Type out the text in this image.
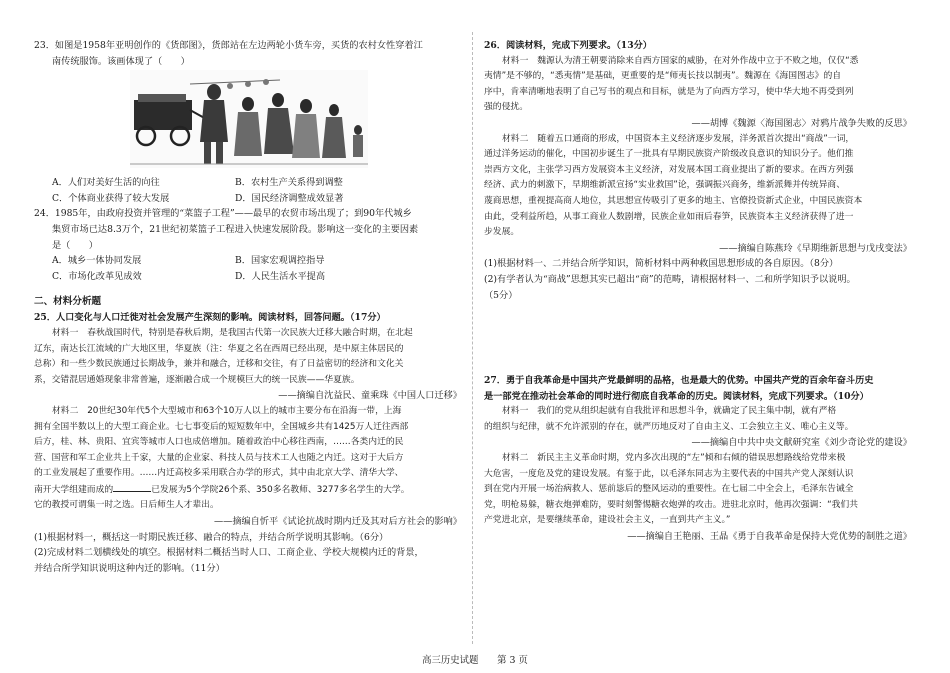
23．如图是1958年亚明创作的《货郎图》，货郎站在左边两轮小货车旁，买货的农村女性穿着江

南传统服饰。该画体现了（　　）

A．人们对美好生活的向往	B．农村生产关系得到调整
C．个体商业获得了较大发展	D．国民经济调整成效显著

24．1985年，由政府投资并管理的“菜篮子工程”——最早的农贸市场出现了；到90年代城乡

集贸市场已达8.3万个，21世纪初菜篮子工程进入快速发展阶段。影响这一变化的主要因素

是（　　）

A．城乡一体协同发展	B．国家宏观调控指导
C．市场化改革见成效	D．人民生活水平提高

二、材料分析题

25．人口变化与人口迁徙对社会发展产生深刻的影响。阅读材料，回答问题。（17分）

材料一　春秋战国时代，特别是春秋后期，是我国古代第一次民族大迁移大融合时期，在北起

辽东，南达长江流域的广大地区里，华夏族（注：华夏之名在西周已经出现，是中原主体居民的

总称）和一些少数民族通过长期战争，兼并和融合，迁移和交往，有了日益密切的经济和文化关

系，交错混居通婚现象非常普遍，逐渐融合成一个规模巨大的统一民族——华夏族。

——摘编自沈益民、童乘珠《中国人口迁移》

材料二　20世纪30年代5个大型城市和63个10万人以上的城市主要分布在沿海一带，上海

拥有全国半数以上的大型工商企业。七七事变后的短短数年中，全国城乡共有1425万人迁往西部

后方，桂、林、贵阳、宜宾等城市人口也成倍增加。随着政治中心移往西南，……各类内迁的民

营、国营和军工企业共上千家，大量的企业家、科技人员与技术工人也随之内迁。这对于大后方

的工业发展起了重要作用。……内迁高校多采用联合办学的形式，其中由北京大学、清华大学、

南开大学组建而成的	已发展为5个学院26个系、350多名教师、3277多名学生的大学。

它的教授可谓集一时之选。日后师生人才辈出。

——摘编自忻平《试论抗战时期内迁及其对后方社会的影响》

(1)根据材料一，概括这一时期民族迁移、融合的特点，并结合所学说明其影响。（6分）

(2)完成材料二划横线处的填空。根据材料二概括当时人口、工商企业、学校大规模内迁的背景，

并结合所学知识说明这种内迁的影响。（11分）

26．阅读材料，完成下列要求。（13分）

材料一　魏源认为清王朝要消除来自西方国家的威胁，在对外作战中立于不败之地，仅仅“悉

夷情”是不够的，“悉夷情”是基础，更重要的是“师夷长技以制夷”。魏源在《海国图志》的自

序中，肯率清晰地表明了自己写书的观点和目标，就是为了向西方学习，使中华大地不再受到列

强的侵扰。

——胡博《魏源〈海国图志〉对鸦片战争失败的反思》

材料二　随着五口通商的形成，中国资本主义经济逐步发展，洋务派首次提出“商战”一词，

通过洋务运动的催化，中国初步诞生了一批具有早期民族资产阶级改良意识的知识分子。他们推

崇西方文化，主张学习西方发展资本主义经济，对发展本国工商业提出了新的要求。在西方列强

经济、武力的刺激下，早期维新派宣扬“实业救国”论，强调振兴商务，维新派舞并传统异商、

蔑商思想，重视提高商人地位，其思想宣传吸引了更多的地主、官僚投资新式企业，中国民族资本

由此，受利益所趋，从事工商业人数剧增，民族企业如雨后春笋，民族资本主义经济获得了进一

步发展。

——摘编自陈燕玲《早期维新思想与戊戌变法》

(1)根据材料一、二并结合所学知识，简析材料中两种救国思想形成的各自原因。（8分）

(2)有学者认为“商战”思想其实已超出“商”的范畴，请根据材料一、二和所学知识予以说明。

（5分）

27．勇于自我革命是中国共产党最鲜明的品格，也是最大的优势。中国共产党的百余年奋斗历史

是一部党在推动社会革命的同时进行彻底自我革命的历史。阅读材料，完成下列要求。（10分）

材料一　我们的党从组织起就有自我批评和思想斗争，就确定了民主集中制，就有严格

的组织与纪律，就不允许派别的存在，就严历地反对了自由主义、工会独立主义、唯心主义等。

——摘编自中共中央文献研究室《刘少奇论党的建设》

材料二　新民主主义革命时期，党内多次出现的“左”倾和右倾的错误思想路线给党带来极

大危害，一度危及党的建设发展。有鉴于此，以毛泽东同志为主要代表的中国共产党人深刻认识

到在党内开展一场治病救人、惩前毖后的整风运动的重要性。在七届二中全会上，毛泽东告诫全

党，明枪易躲，糖衣炮弹难防，要时刻警惕糖衣炮弹的攻击。进驻北京时，他再次强调：“我们共

产党进北京，是要继续革命，建设社会主义，一直到共产主义。”

——摘编自王艳丽、王晶《勇于自我革命是保持大党优势的制胜之道》

高三历史试题　　第 3 页
